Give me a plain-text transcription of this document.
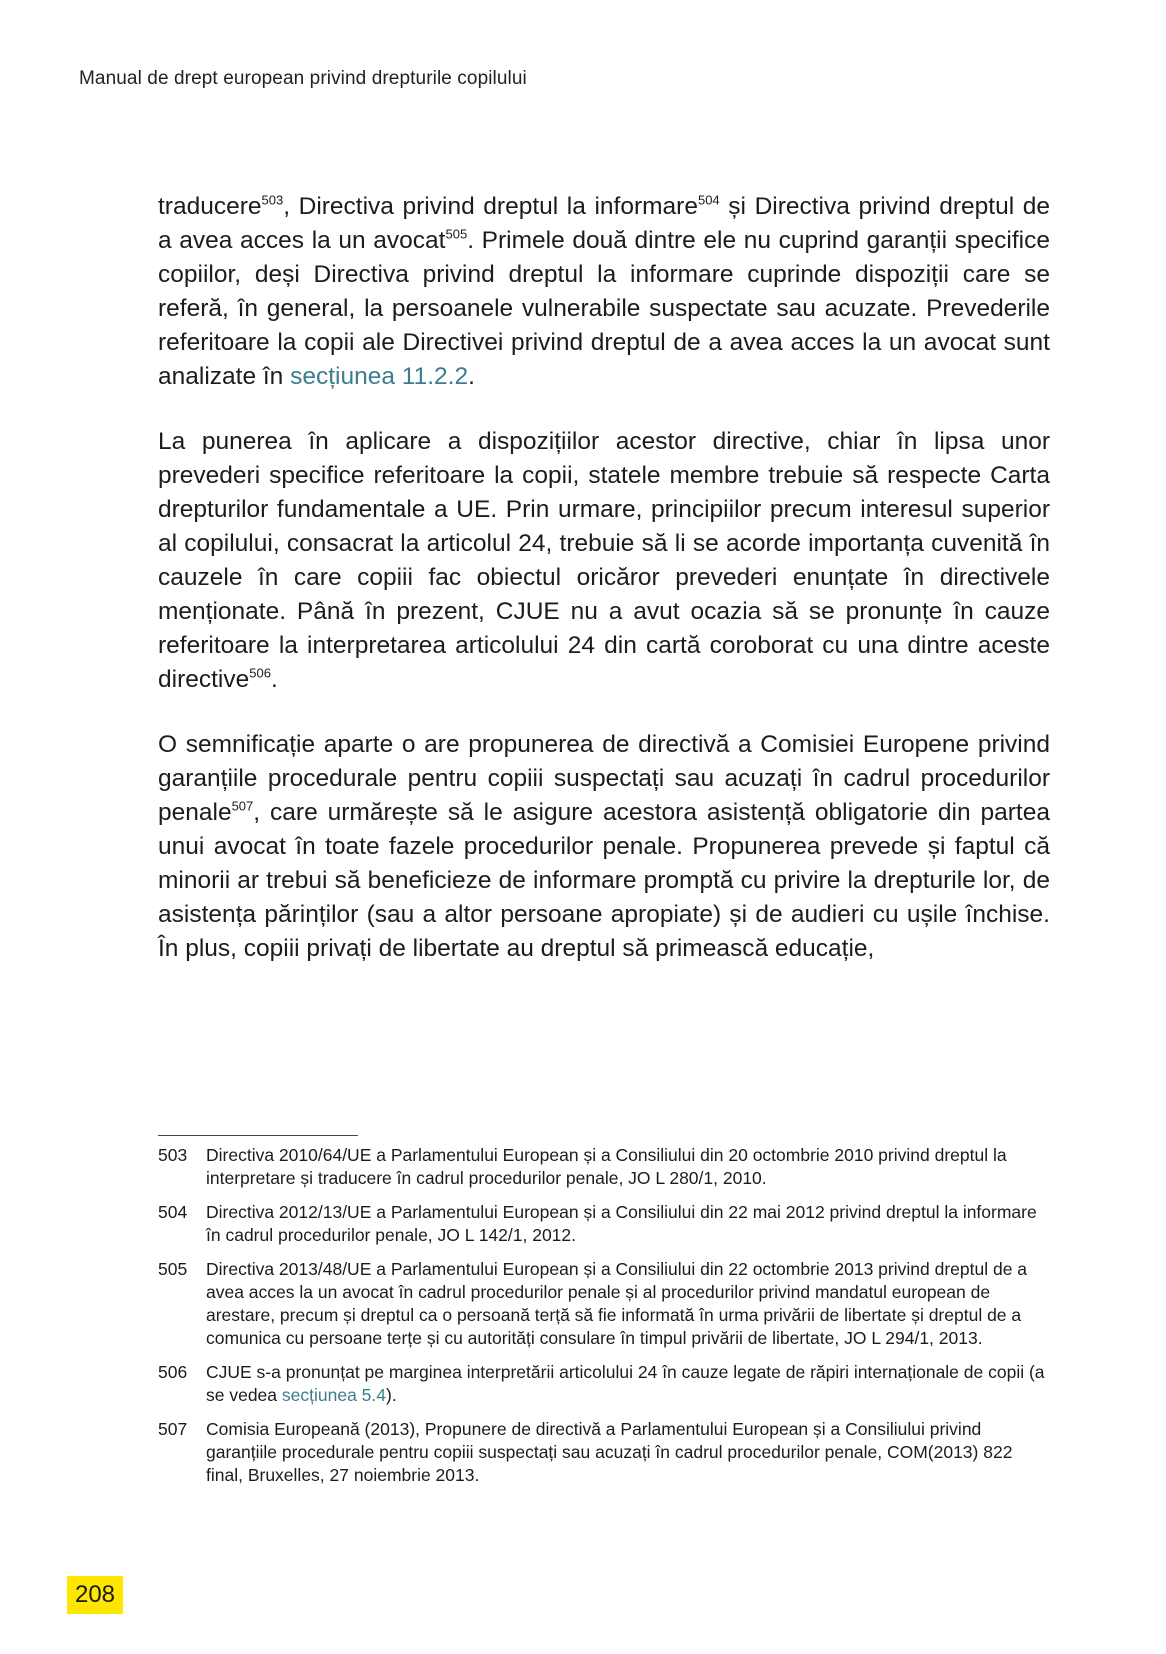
Manual de drept european privind drepturile copilului

traducere$^{503}$, Directiva privind dreptul la informare$^{504}$ și Directiva privind dreptul de a avea acces la un avocat$^{505}$. Primele două dintre ele nu cuprind garanții specifice copiilor, deși Directiva privind dreptul la informare cuprinde dispoziții care se referă, în general, la persoanele vulnerabile suspectate sau acuzate. Prevederile referitoare la copii ale Directivei privind dreptul de a avea acces la un avocat sunt analizate în secțiunea 11.2.2.

La punerea în aplicare a dispozițiilor acestor directive, chiar în lipsa unor prevederi specifice referitoare la copii, statele membre trebuie să respecte Carta drepturilor fundamentale a UE. Prin urmare, principiilor precum interesul superior al copilului, consacrat la articolul 24, trebuie să li se acorde importanța cuvenită în cauzele în care copiii fac obiectul oricăror prevederi enunțate în directivele menționate. Până în prezent, CJUE nu a avut ocazia să se pronunțe în cauze referitoare la interpretarea articolului 24 din cartă coroborat cu una dintre aceste directive$^{506}$.

O semnificație aparte o are propunerea de directivă a Comisiei Europene privind garanțiile procedurale pentru copiii suspectați sau acuzați în cadrul procedurilor penale$^{507}$, care urmărește să le asigure acestora asistență obligatorie din partea unui avocat în toate fazele procedurilor penale. Propunerea prevede și faptul că minorii ar trebui să beneficieze de informare promptă cu privire la drepturile lor, de asistența părinților (sau a altor persoane apropiate) și de audieri cu ușile închise. În plus, copiii privați de libertate au dreptul să primească educație,

503	Directiva 2010/64/UE a Parlamentului European și a Consiliului din 20 octombrie 2010 privind dreptul la interpretare și traducere în cadrul procedurilor penale, JO L 280/1, 2010.
504	Directiva 2012/13/UE a Parlamentului European și a Consiliului din 22 mai 2012 privind dreptul la informare în cadrul procedurilor penale, JO L 142/1, 2012.
505	Directiva 2013/48/UE a Parlamentului European și a Consiliului din 22 octombrie 2013 privind dreptul de a avea acces la un avocat în cadrul procedurilor penale și al procedurilor privind mandatul european de arestare, precum și dreptul ca o persoană terță să fie informată în urma privării de libertate și dreptul de a comunica cu persoane terțe și cu autorități consulare în timpul privării de libertate, JO L 294/1, 2013.
506	CJUE s-a pronunțat pe marginea interpretării articolului 24 în cauze legate de răpiri internaționale de copii (a se vedea secțiunea 5.4).
507	Comisia Europeană (2013), Propunere de directivă a Parlamentului European și a Consiliului privind garanțiile procedurale pentru copiii suspectați sau acuzați în cadrul procedurilor penale, COM(2013) 822 final, Bruxelles, 27 noiembrie 2013.
208
